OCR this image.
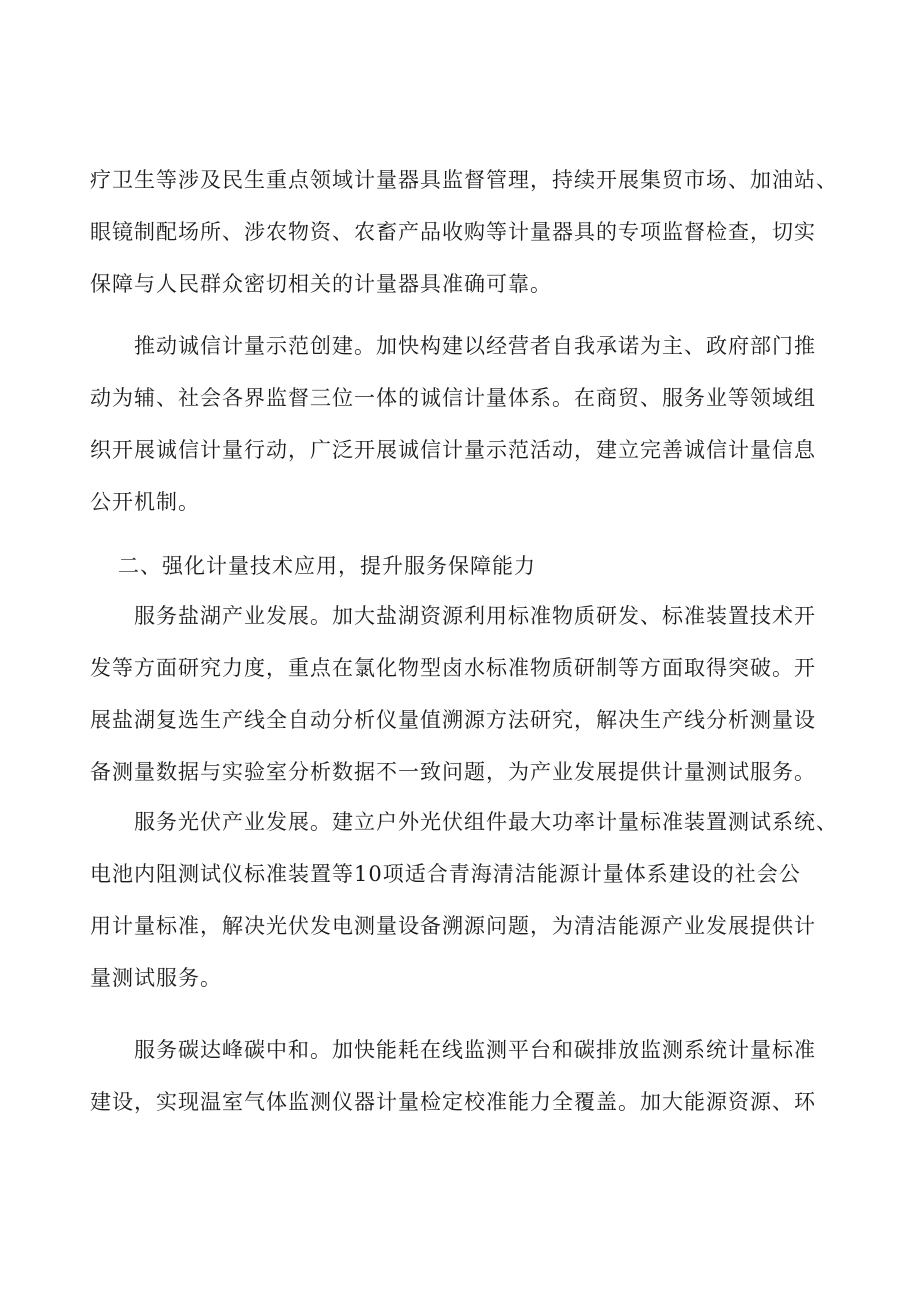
疗卫生等涉及民生重点领域计量器具监督管理，持续开展集贸市场、加油站、
眼镜制配场所、涉农物资、农畜产品收购等计量器具的专项监督检查，切实
保障与人民群众密切相关的计量器具准确可靠。
推动诚信计量示范创建。加快构建以经营者自我承诺为主、政府部门推
动为辅、社会各界监督三位一体的诚信计量体系。在商贸、服务业等领域组
织开展诚信计量行动，广泛开展诚信计量示范活动，建立完善诚信计量信息
公开机制。
二、强化计量技术应用，提升服务保障能力
服务盐湖产业发展。加大盐湖资源利用标准物质研发、标准装置技术开
发等方面研究力度，重点在氯化物型卤水标准物质研制等方面取得突破。开
展盐湖复选生产线全自动分析仪量值溯源方法研究，解决生产线分析测量设
备测量数据与实验室分析数据不一致问题，为产业发展提供计量测试服务。
服务光伏产业发展。建立户外光伏组件最大功率计量标准装置测试系统、
电池内阻测试仪标准装置等10项适合青海清洁能源计量体系建设的社会公
用计量标准，解决光伏发电测量设备溯源问题，为清洁能源产业发展提供计
量测试服务。
服务碳达峰碳中和。加快能耗在线监测平台和碳排放监测系统计量标准
建设，实现温室气体监测仪器计量检定校准能力全覆盖。加大能源资源、环
